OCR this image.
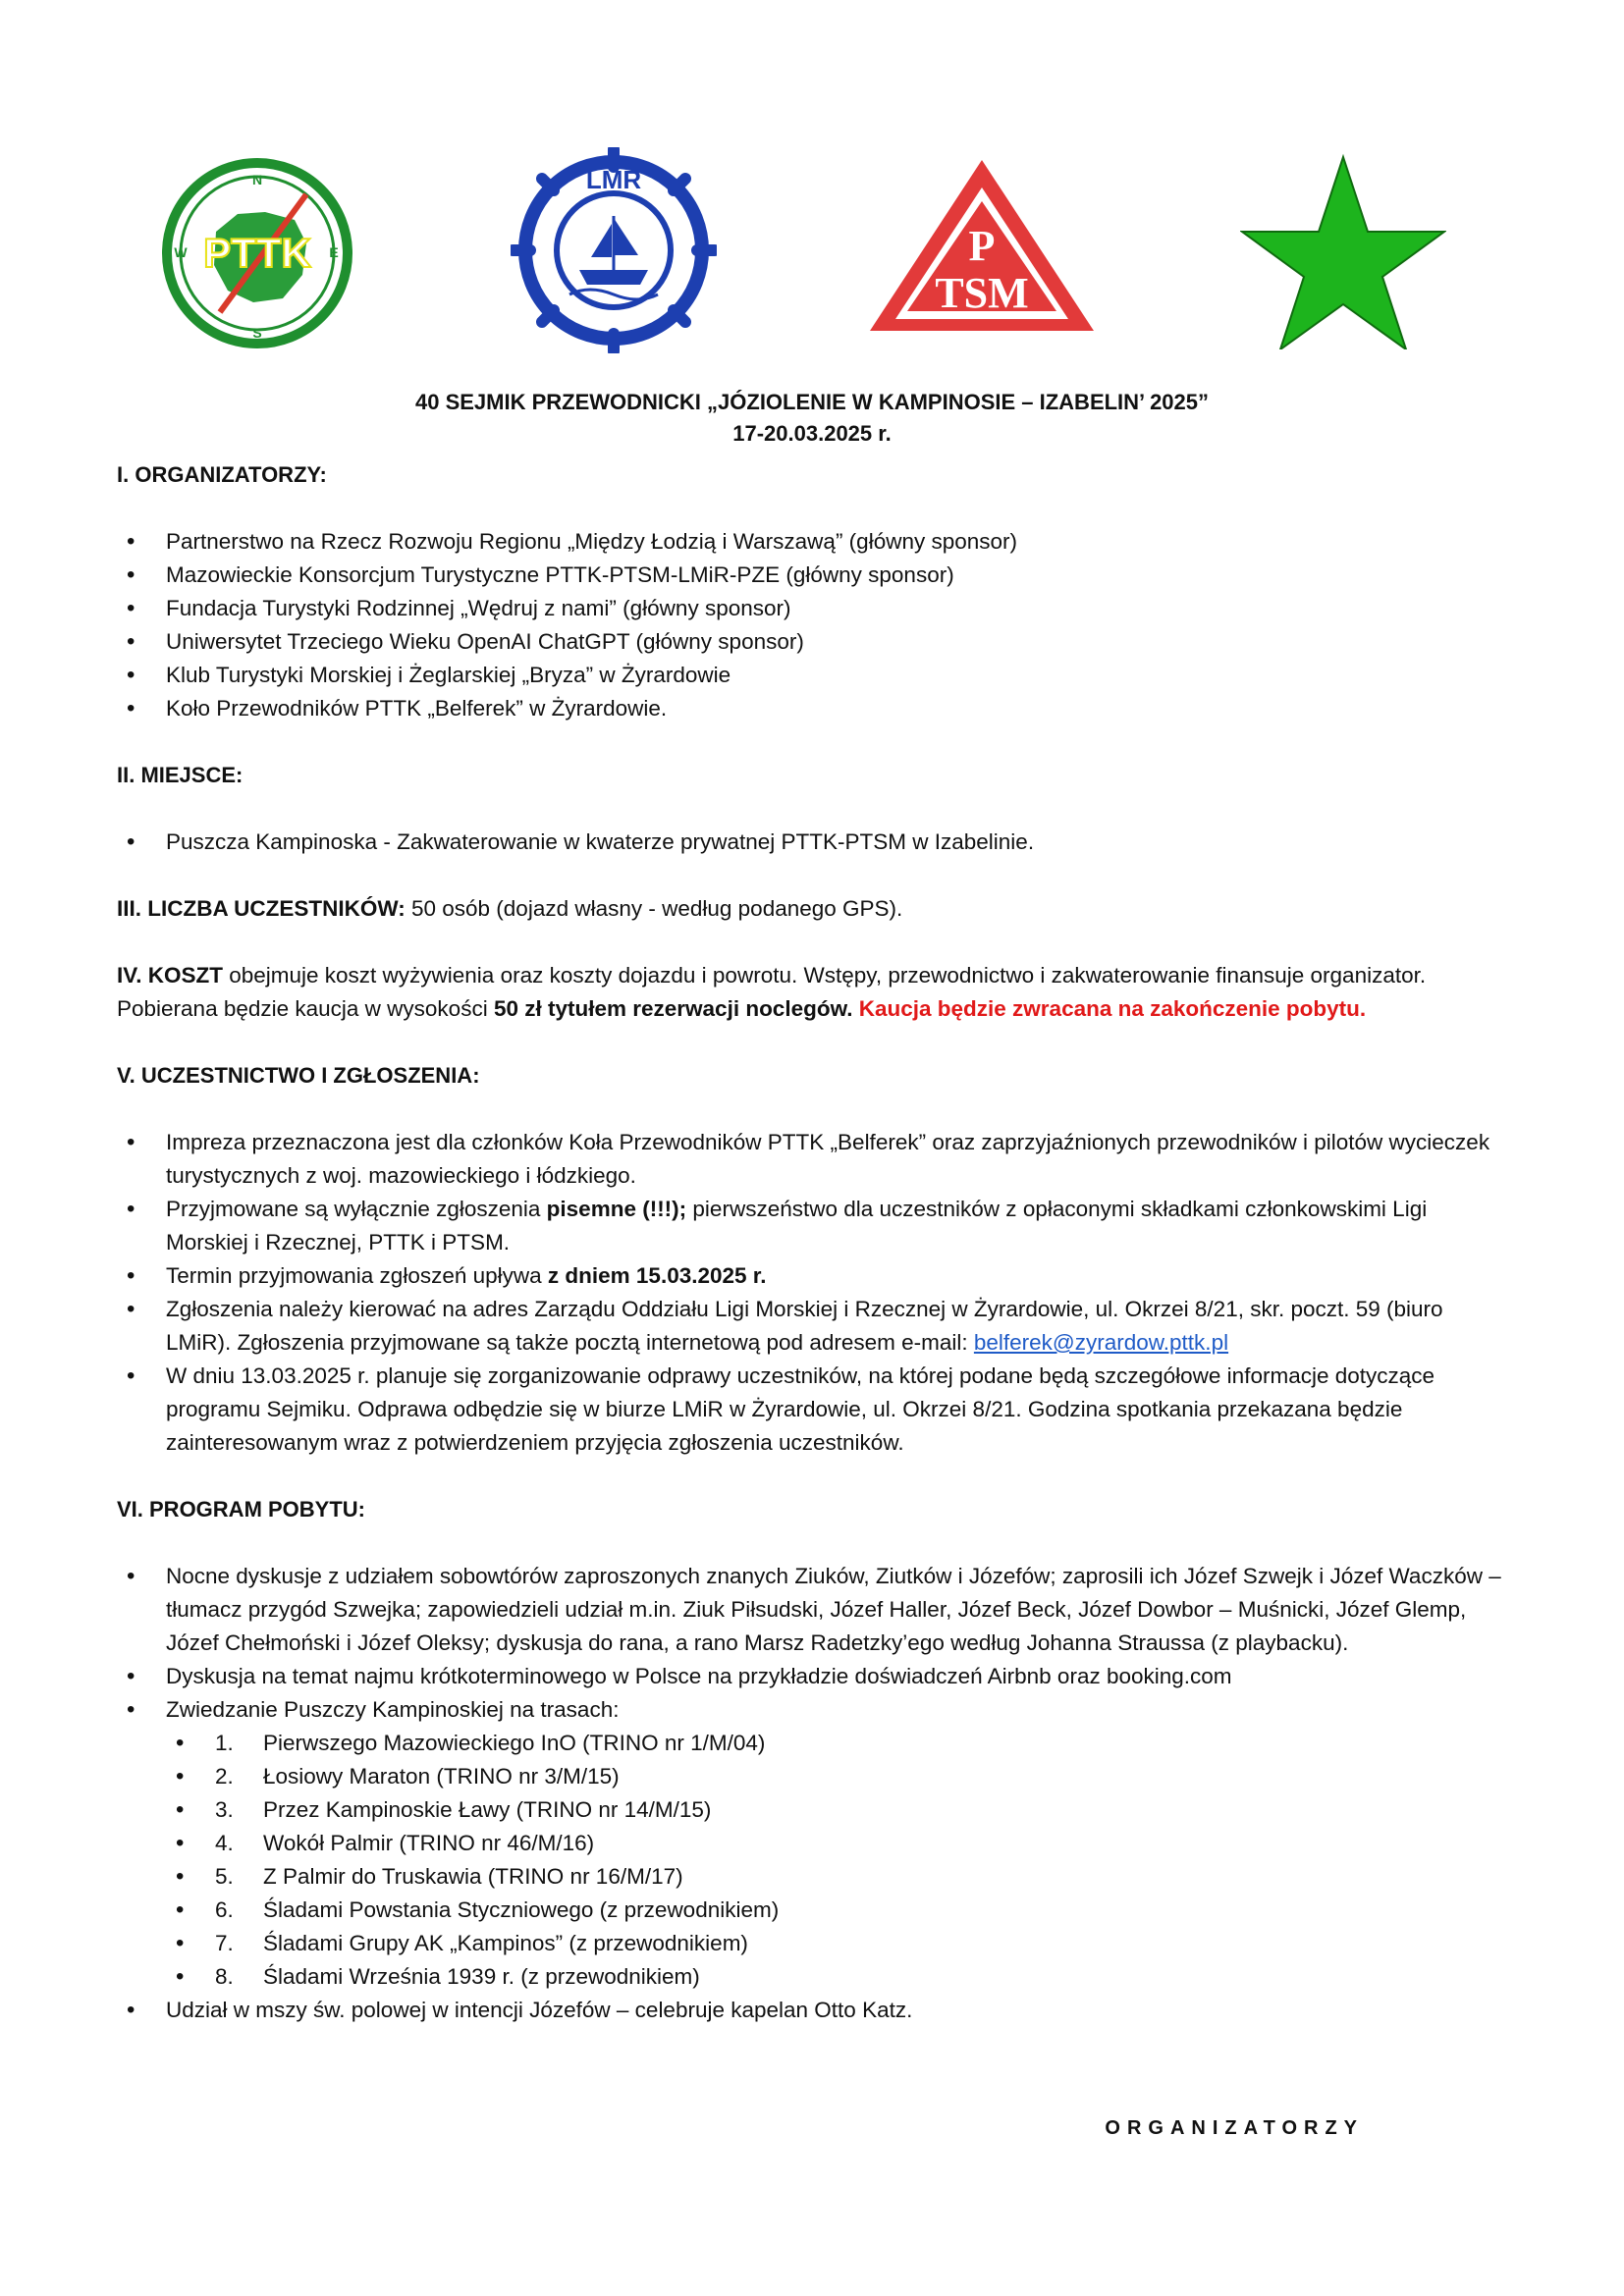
N
E
S
W PTTK
LMR
P
TSM
40 SEJMIK PRZEWODNICKI „JÓZIOLENIE W KAMPINOSIE – IZABELIN’ 2025”
17-20.03.2025 r.
I. ORGANIZATORZY:
• Partnerstwo na Rzecz Rozwoju Regionu „Między Łodzią i Warszawą” (główny sponsor)
• Mazowieckie Konsorcjum Turystyczne PTTK-PTSM-LMiR-PZE (główny sponsor)
• Fundacja Turystyki Rodzinnej „Wędruj z nami” (główny sponsor)
• Uniwersytet Trzeciego Wieku OpenAI ChatGPT (główny sponsor)
• Klub Turystyki Morskiej i Żeglarskiej „Bryza” w Żyrardowie
• Koło Przewodników PTTK „Belferek” w Żyrardowie.
II. MIEJSCE:
• Puszcza Kampinoska - Zakwaterowanie w kwaterze prywatnej PTTK-PTSM w Izabelinie.

III. LICZBA UCZESTNIKÓW: 50 osób (dojazd własny - według podanego GPS).

IV. KOSZT obejmuje koszt wyżywienia oraz koszty dojazdu i powrotu. Wstępy, przewodnictwo i zakwaterowanie finansuje organizator. Pobierana będzie kaucja w wysokości 50 zł tytułem rezerwacji noclegów. Kaucja będzie zwracana na zakończenie pobytu.

V. UCZESTNICTWO I ZGŁOSZENIA:
• Impreza przeznaczona jest dla członków Koła Przewodników PTTK „Belferek” oraz zaprzyjaźnionych przewodników i pilotów wycieczek turystycznych z woj. mazowieckiego i łódzkiego.
• Przyjmowane są wyłącznie zgłoszenia pisemne (!!!); pierwszeństwo dla uczestników z opłaconymi składkami członkowskimi Ligi Morskiej i Rzecznej, PTTK i PTSM.
• Termin przyjmowania zgłoszeń upływa z dniem 15.03.2025 r.
• Zgłoszenia należy kierować na adres Zarządu Oddziału Ligi Morskiej i Rzecznej w Żyrardowie, ul. Okrzei 8/21, skr. poczt. 59 (biuro LMiR). Zgłoszenia przyjmowane są także pocztą internetową pod adresem e-mail: belferek@zyrardow.pttk.pl
• W dniu 13.03.2025 r. planuje się zorganizowanie odprawy uczestników, na której podane będą szczegółowe informacje dotyczące programu Sejmiku. Odprawa odbędzie się w biurze LMiR w Żyrardowie, ul. Okrzei 8/21. Godzina spotkania przekazana będzie zainteresowanym wraz z potwierdzeniem przyjęcia zgłoszenia uczestników.
VI. PROGRAM POBYTU:
• Nocne dyskusje z udziałem sobowtórów zaproszonych znanych Ziuków, Ziutków i Józefów; zaprosili ich Józef Szwejk i Józef Waczków – tłumacz przygód Szwejka; zapowiedzieli udział m.in. Ziuk Piłsudski, Józef Haller, Józef Beck, Józef Dowbor – Muśnicki, Józef Glemp, Józef Chełmoński i Józef Oleksy; dyskusja do rana, a rano Marsz Radetzky’ego według Johanna Straussa (z playbacku).
• Dyskusja na temat najmu krótkoterminowego w Polsce na przykładzie doświadczeń Airbnb oraz booking.com
• Zwiedzanie Puszczy Kampinoskiej na trasach:
• 1. Pierwszego Mazowieckiego InO (TRINO nr 1/M/04)
• 2. Łosiowy Maraton (TRINO nr 3/M/15)
• 3. Przez Kampinoskie Ławy (TRINO nr 14/M/15)
• 4. Wokół Palmir (TRINO nr 46/M/16)
• 5. Z Palmir do Truskawia (TRINO nr 16/M/17)
• 6. Śladami Powstania Styczniowego (z przewodnikiem)
• 7. Śladami Grupy AK „Kampinos” (z przewodnikiem)
• 8. Śladami Września 1939 r. (z przewodnikiem)
• Udział w mszy św. polowej w intencji Józefów – celebruje kapelan Otto Katz.
ORGANIZATORZY
